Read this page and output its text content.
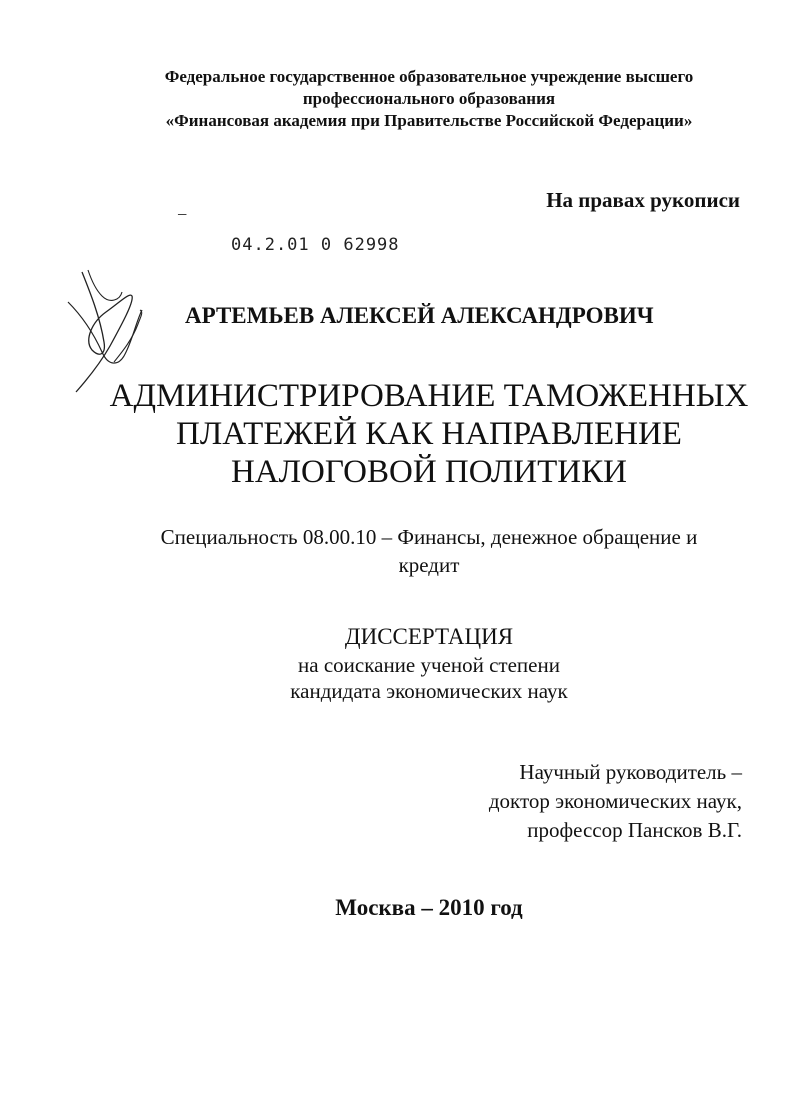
Федеральное государственное образовательное учреждение высшего
профессионального образования
«Финансовая академия при Правительстве Российской Федерации»
На правах рукописи
—
04.2.01 0 62998
АРТЕМЬЕВ АЛЕКСЕЙ АЛЕКСАНДРОВИЧ
АДМИНИСТРИРОВАНИЕ ТАМОЖЕННЫХ
ПЛАТЕЖЕЙ КАК НАПРАВЛЕНИЕ
НАЛОГОВОЙ ПОЛИТИКИ
Специальность 08.00.10 – Финансы, денежное обращение и
кредит
ДИССЕРТАЦИЯ
на соискание ученой степени
кандидата экономических наук
Научный руководитель –
доктор экономических наук,
профессор Пансков В.Г.
Москва – 2010 год
